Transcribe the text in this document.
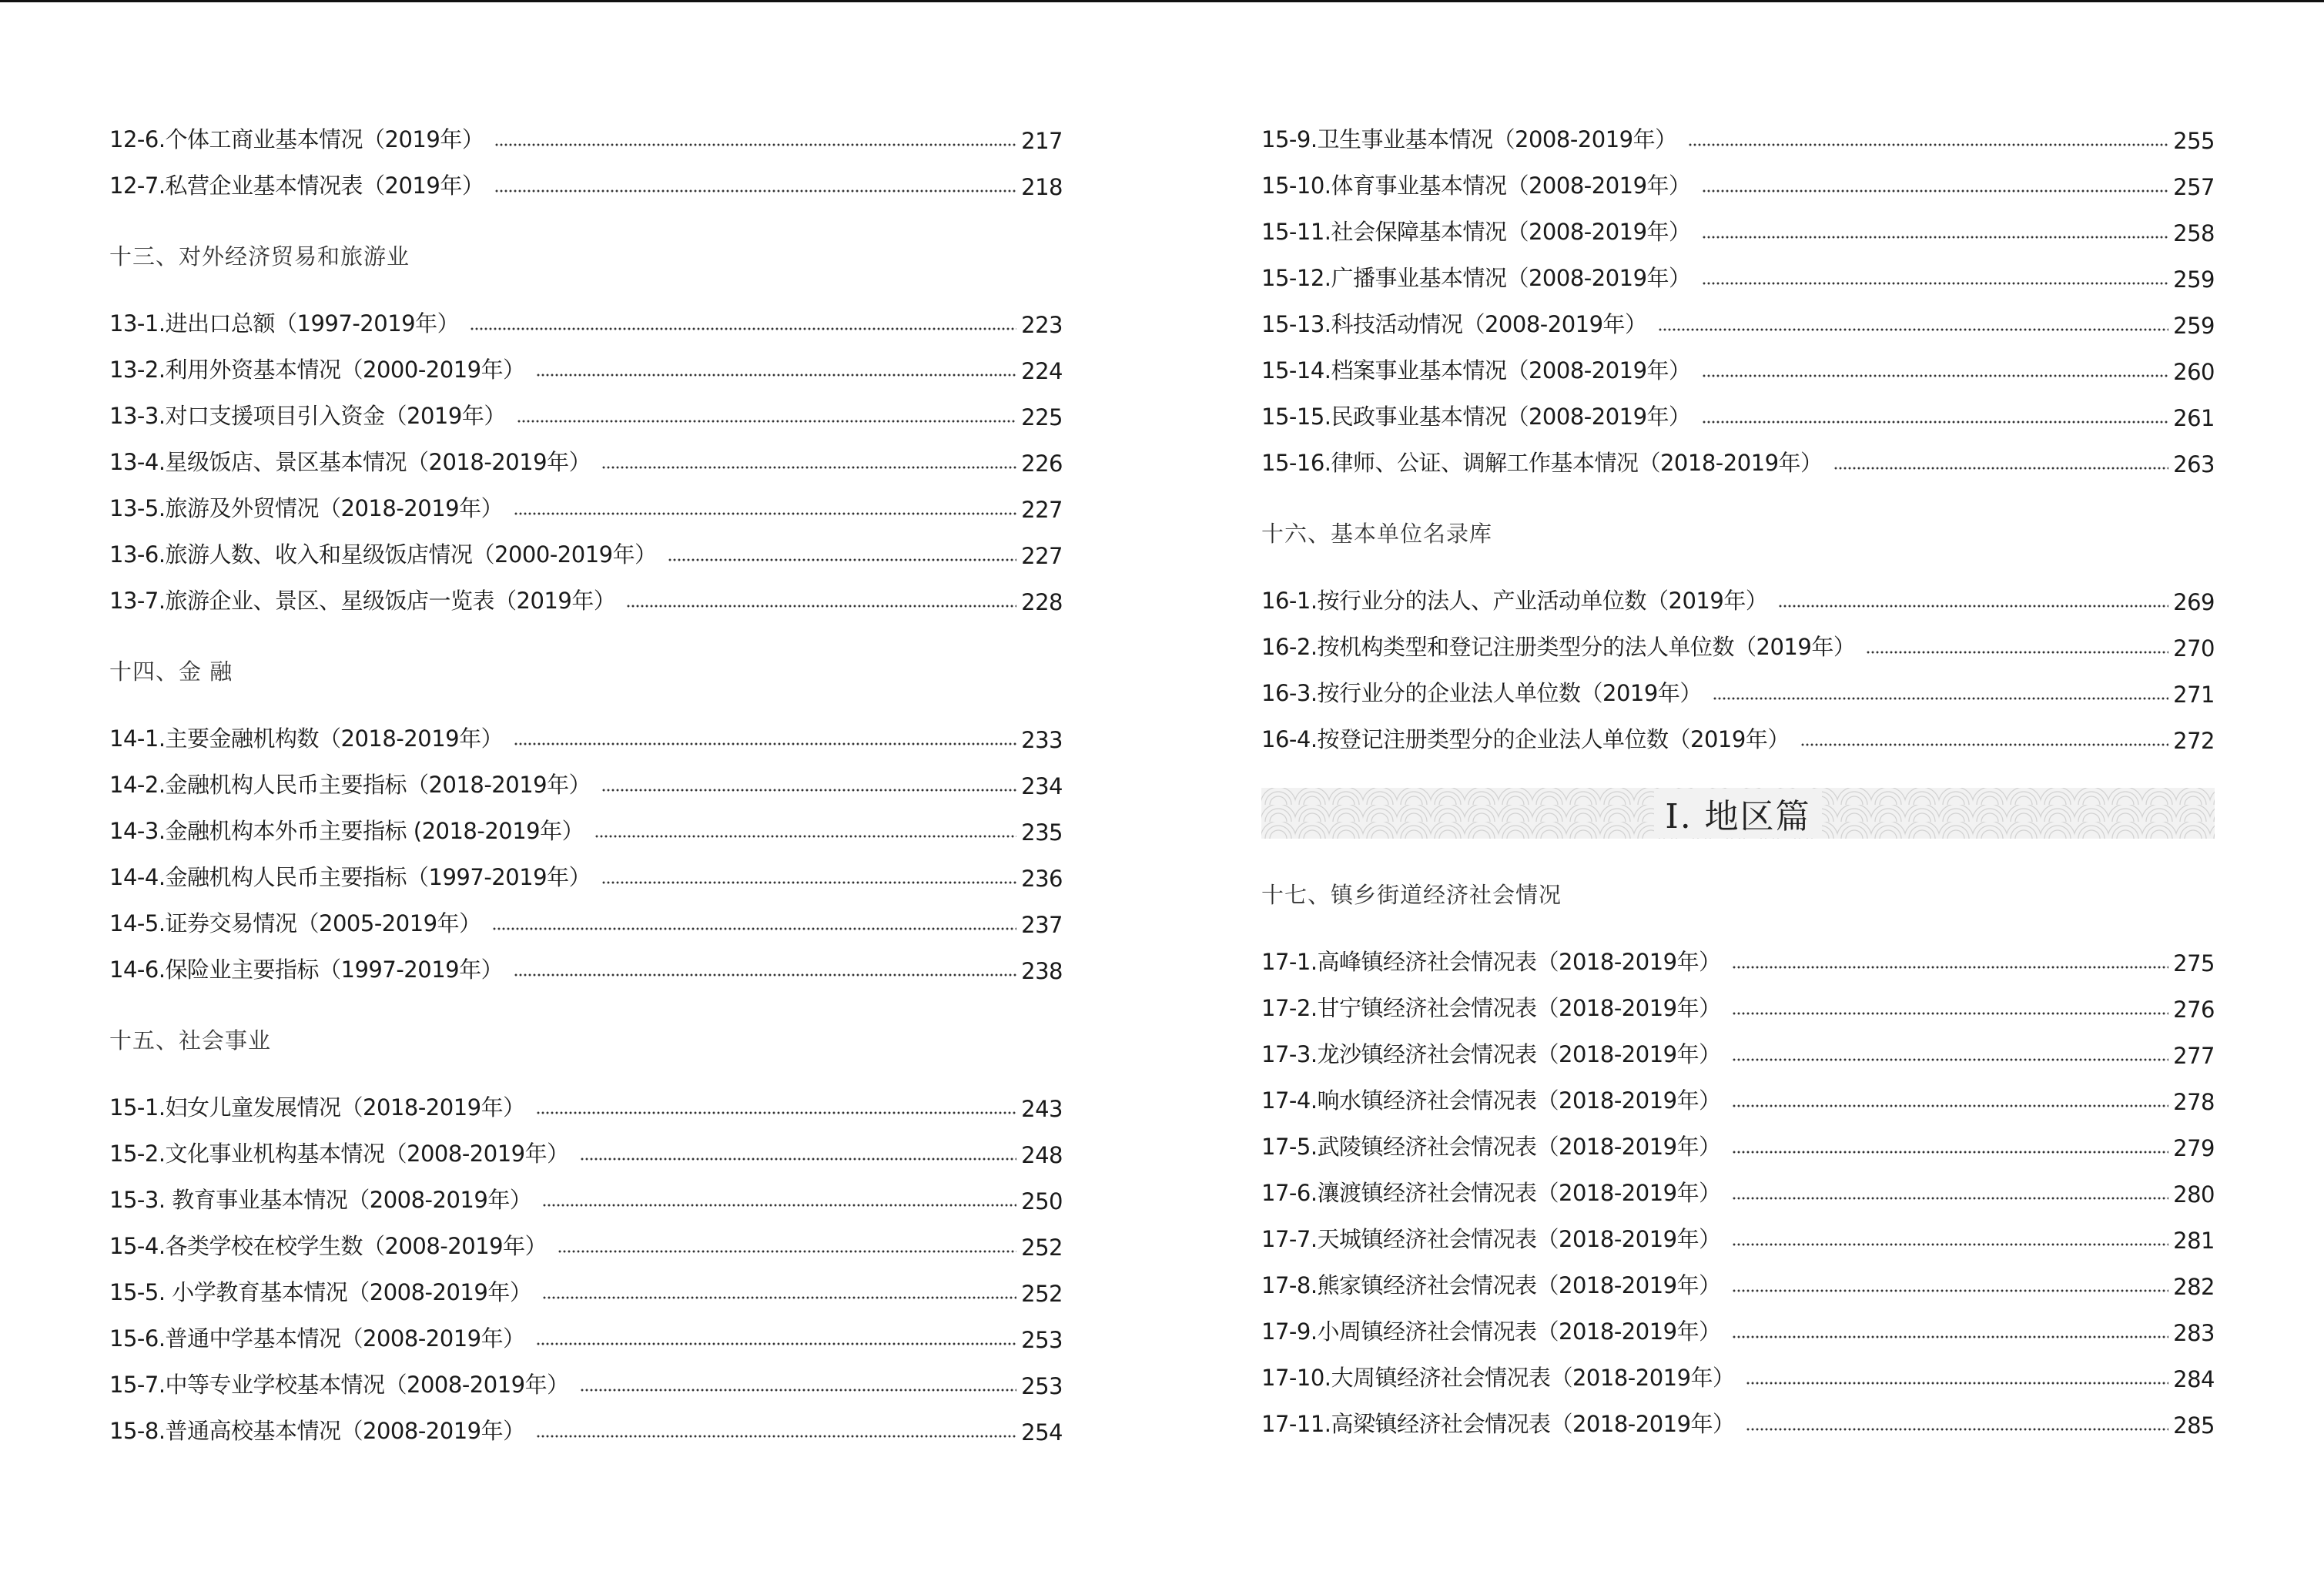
12-6.个体工商业基本情况（2019年）	217
12-7.私营企业基本情况表（2019年）	218
十三、对外经济贸易和旅游业
13-1.进出口总额（1997-2019年）	223
13-2.利用外资基本情况（2000-2019年）	224
13-3.对口支援项目引入资金（2019年）	225
13-4.星级饭店、景区基本情况（2018-2019年）	226
13-5.旅游及外贸情况（2018-2019年）	227
13-6.旅游人数、收入和星级饭店情况（2000-2019年）	227
13-7.旅游企业、景区、星级饭店一览表（2019年）	228
十四、金 融
14-1.主要金融机构数（2018-2019年）	233
14-2.金融机构人民币主要指标（2018-2019年）	234
14-3.金融机构本外币主要指标 (2018-2019年）	235
14-4.金融机构人民币主要指标（1997-2019年）	236
14-5.证券交易情况（2005-2019年）	237
14-6.保险业主要指标（1997-2019年）	238
十五、社会事业
15-1.妇女儿童发展情况（2018-2019年）	243
15-2.文化事业机构基本情况（2008-2019年）	248
15-3. 教育事业基本情况（2008-2019年）	250
15-4.各类学校在校学生数（2008-2019年）	252
15-5. 小学教育基本情况（2008-2019年）	252
15-6.普通中学基本情况（2008-2019年）	253
15-7.中等专业学校基本情况（2008-2019年）	253
15-8.普通高校基本情况（2008-2019年）	254
15-9.卫生事业基本情况（2008-2019年）	255
15-10.体育事业基本情况（2008-2019年）	257
15-11.社会保障基本情况（2008-2019年）	258
15-12.广播事业基本情况（2008-2019年）	259
15-13.科技活动情况（2008-2019年）	259
15-14.档案事业基本情况（2008-2019年）	260
15-15.民政事业基本情况（2008-2019年）	261
15-16.律师、公证、调解工作基本情况（2018-2019年）	263
十六、基本单位名录库
16-1.按行业分的法人、产业活动单位数（2019年）	269
16-2.按机构类型和登记注册类型分的法人单位数（2019年）	270
16-3.按行业分的企业法人单位数（2019年）	271
16-4.按登记注册类型分的企业法人单位数（2019年）	272
Ⅰ. 地区篇
十七、镇乡街道经济社会情况
17-1.高峰镇经济社会情况表（2018-2019年）	275
17-2.甘宁镇经济社会情况表（2018-2019年）	276
17-3.龙沙镇经济社会情况表（2018-2019年）	277
17-4.响水镇经济社会情况表（2018-2019年）	278
17-5.武陵镇经济社会情况表（2018-2019年）	279
17-6.瀼渡镇经济社会情况表（2018-2019年）	280
17-7.天城镇经济社会情况表（2018-2019年）	281
17-8.熊家镇经济社会情况表（2018-2019年）	282
17-9.小周镇经济社会情况表（2018-2019年）	283
17-10.大周镇经济社会情况表（2018-2019年）	284
17-11.高梁镇经济社会情况表（2018-2019年）	285
